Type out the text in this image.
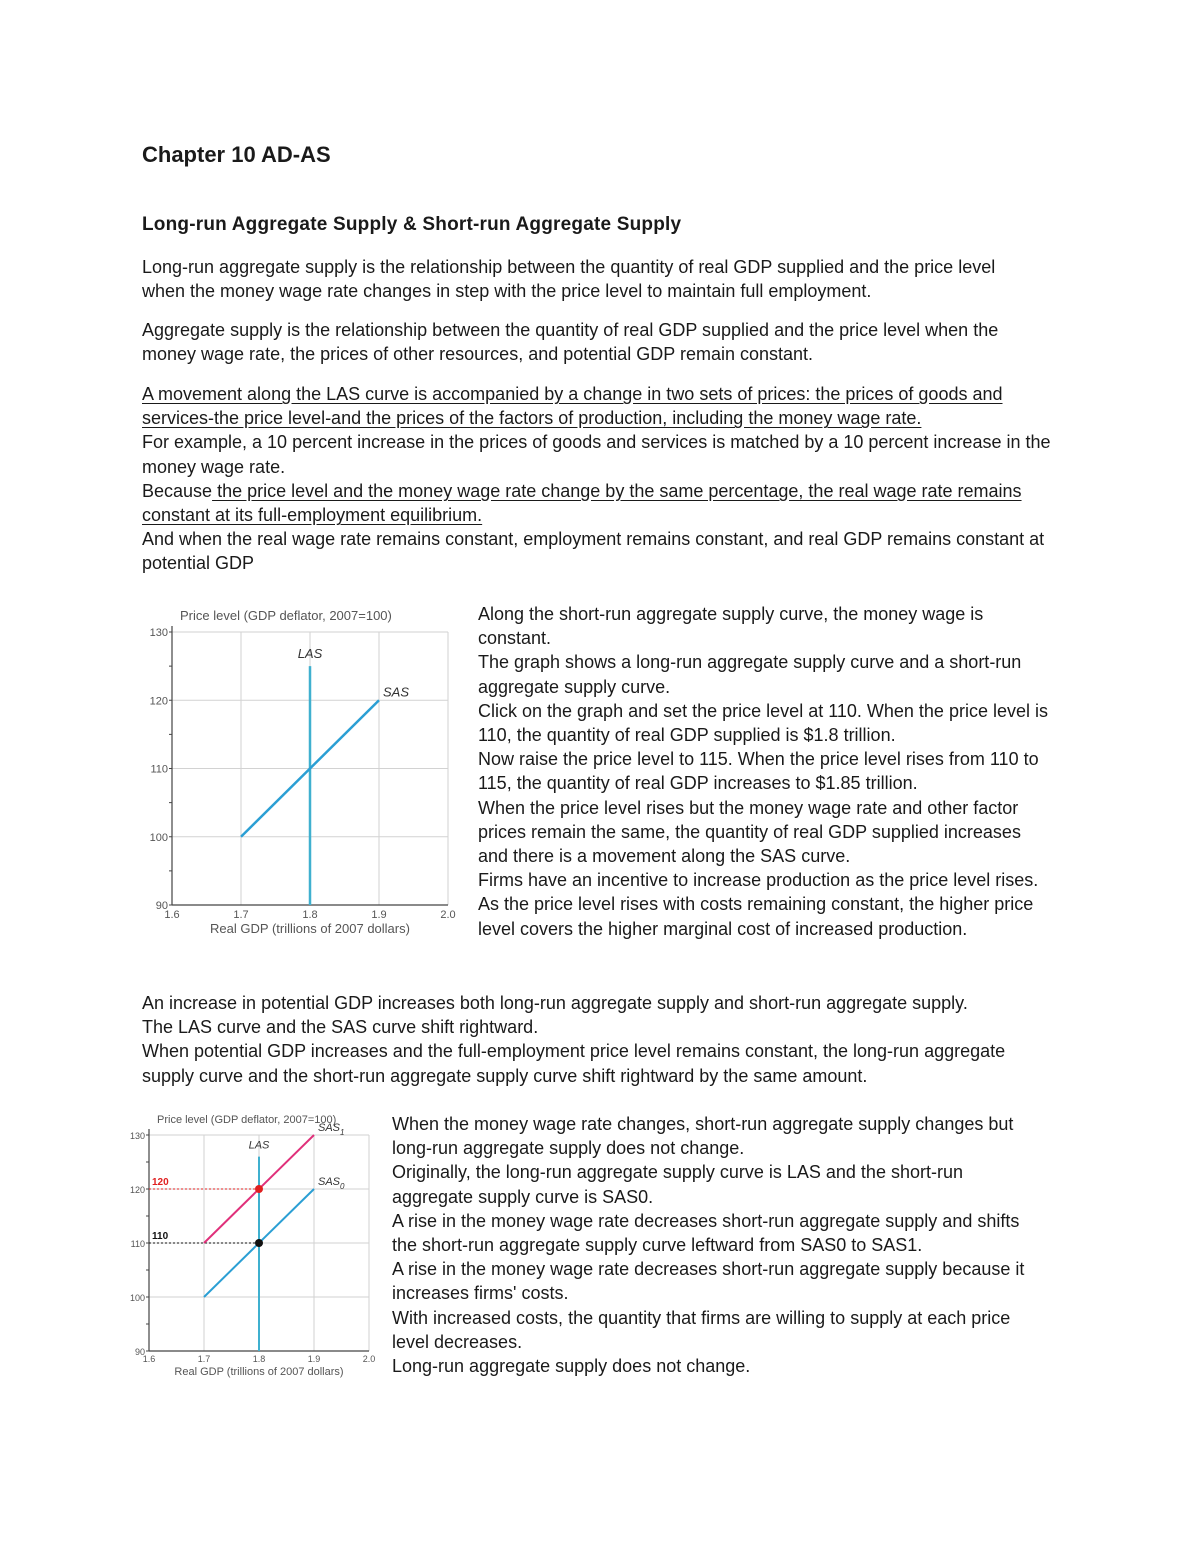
Chapter 10 AD-AS
Long-run Aggregate Supply & Short-run Aggregate Supply

Long-run aggregate supply is the relationship between the quantity of real GDP supplied and the price level when the money wage rate changes in step with the price level to maintain full employment.

Aggregate supply is the relationship between the quantity of real GDP supplied and the price level when the money wage rate, the prices of other resources, and potential GDP remain constant.

A movement along the LAS curve is accompanied by a change in two sets of prices: the prices of goods and services-the price level-and the prices of the factors of production, including the money wage rate.
For example, a 10 percent increase in the prices of goods and services is matched by a 10 percent increase in the money wage rate.
Because the price level and the money wage rate change by the same percentage, the real wage rate remains constant at its full-employment equilibrium.
And when the real wage rate remains constant, employment remains constant, and real GDP remains constant at potential GDP

Along the short-run aggregate supply curve, the money wage is constant.
The graph shows a long-run aggregate supply curve and a short-run aggregate supply curve.
Click on the graph and set the price level at 110. When the price level is 110, the quantity of real GDP supplied is $1.8 trillion.
Now raise the price level to 115. When the price level rises from 110 to 115, the quantity of real GDP increases to $1.85 trillion.
When the price level rises but the money wage rate and other factor prices remain the same, the quantity of real GDP supplied increases and there is a movement along the SAS curve.
Firms have an incentive to increase production as the price level rises. As the price level rises with costs remaining constant, the higher price level covers the higher marginal cost of increased production.

An increase in potential GDP increases both long-run aggregate supply and short-run aggregate supply.
The LAS curve and the SAS curve shift rightward.
When potential GDP increases and the full-employment price level remains constant, the long-run aggregate supply curve and the short-run aggregate supply curve shift rightward by the same amount.

When the money wage rate changes, short-run aggregate supply changes but long-run aggregate supply does not change.
Originally, the long-run aggregate supply curve is LAS and the short-run aggregate supply curve is SAS0.
A rise in the money wage rate decreases short-run aggregate supply and shifts the short-run aggregate supply curve leftward from SAS0 to SAS1.
A rise in the money wage rate decreases short-run aggregate supply because it increases firms' costs.
With increased costs, the quantity that firms are willing to supply at each price level decreases.
Long-run aggregate supply does not change.

1.6	1.7	1.8	1.9	2.0
90
100
110
120
130
Price level (GDP deflator, 2007=100)
Real GDP (trillions of 2007 dollars)
LAS
SAS
1.6	1.7	1.8	1.9	2.0
90
100
110
120
130
Price level (GDP deflator, 2007=100)
Real GDP (trillions of 2007 dollars)
LAS
$SAS_1$
$SAS_0$
120
110
